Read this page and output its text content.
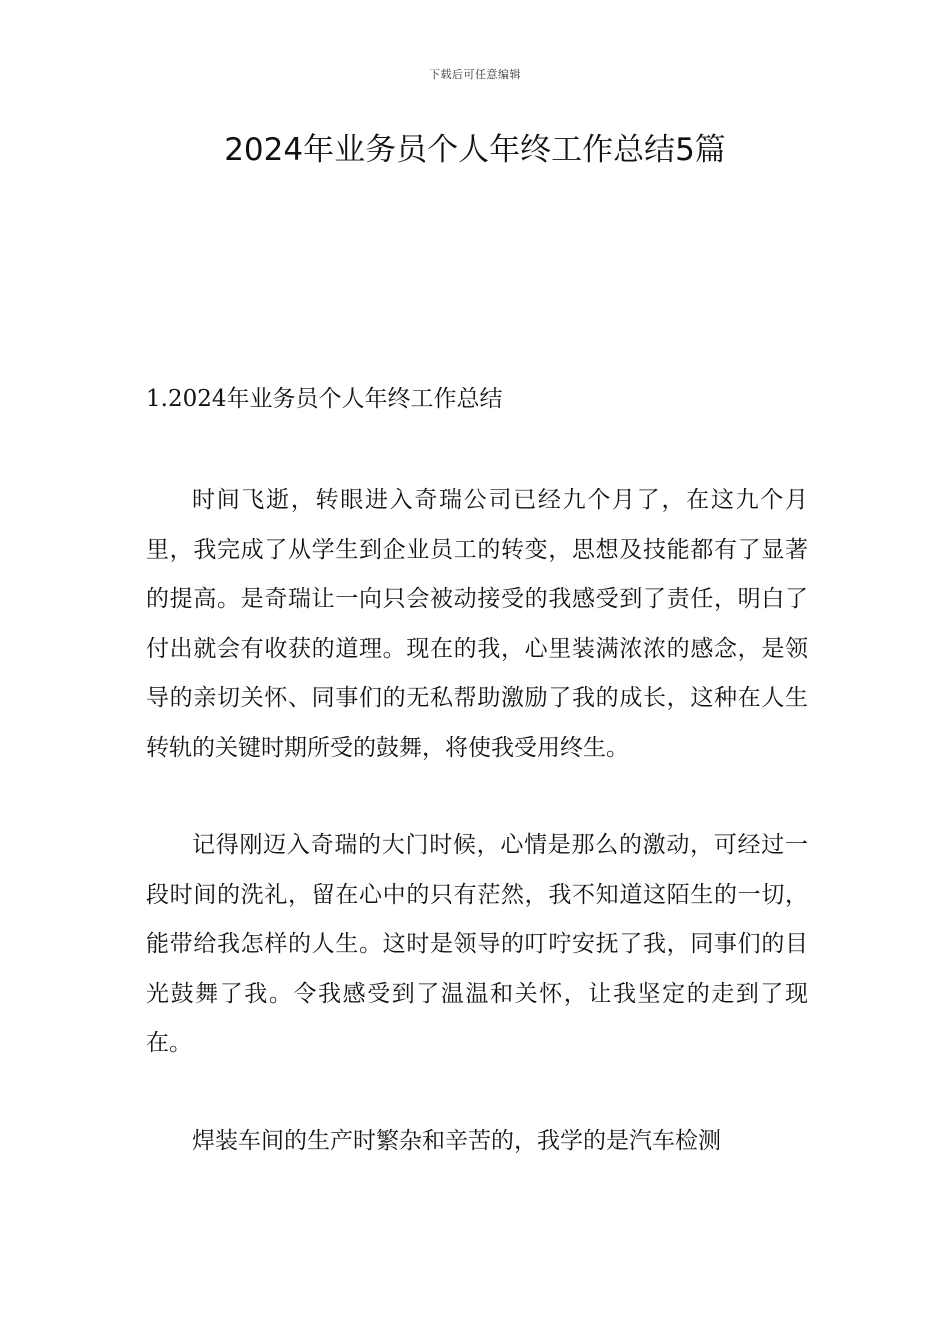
下载后可任意编辑
2024年业务员个人年终工作总结5篇
1.2024年业务员个人年终工作总结

时间飞逝，转眼进入奇瑞公司已经九个月了，在这九个月里，我完成了从学生到企业员工的转变，思想及技能都有了显著的提高。是奇瑞让一向只会被动接受的我感受到了责任，明白了付出就会有收获的道理。现在的我，心里装满浓浓的感念，是领导的亲切关怀、同事们的无私帮助激励了我的成长，这种在人生转轨的关键时期所受的鼓舞，将使我受用终生。

记得刚迈入奇瑞的大门时候，心情是那么的激动，可经过一段时间的洗礼，留在心中的只有茫然，我不知道这陌生的一切，能带给我怎样的人生。这时是领导的叮咛安抚了我，同事们的目光鼓舞了我。令我感受到了温温和关怀，让我坚定的走到了现在。

焊装车间的生产时繁杂和辛苦的，我学的是汽车检测
